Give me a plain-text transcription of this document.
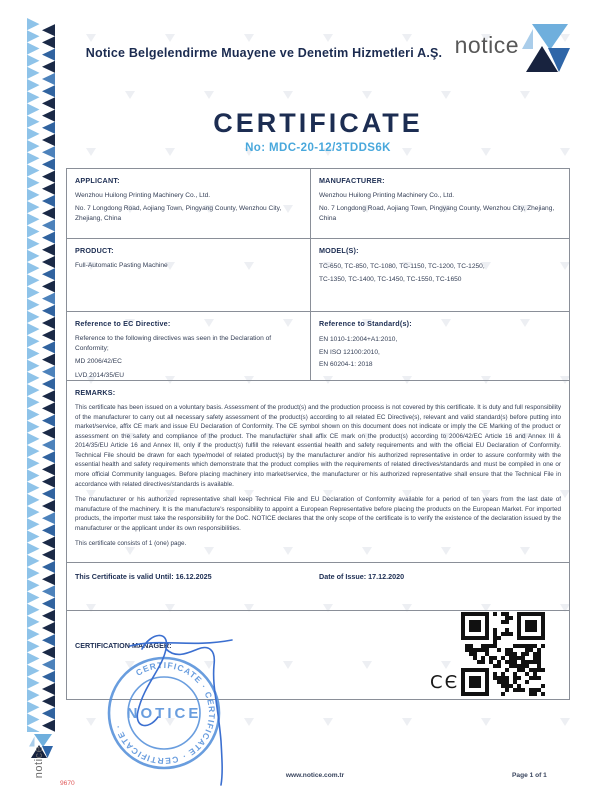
notice
Notice Belgelendirme Muayene ve Denetim Hizmetleri A.Ş. notice
CERTIFICATE
No: MDC-20-12/3TDDS6K
APPLICANT:
Wenzhou Huilong Printing Machinery Co., Ltd.
No. 7 Longdong Road, Aojiang Town, Pingyang County, Wenzhou City, Zhejiang, China
MANUFACTURER:
Wenzhou Huilong Printing Machinery Co., Ltd.
No. 7 Longdong Road, Aojiang Town, Pingyang County, Wenzhou City, Zhejiang, China
PRODUCT:
Full-Automatic Pasting Machine
MODEL(S):
TC-650, TC-850, TC-1080, TC-1150, TC-1200, TC-1250,
TC-1350, TC-1400, TC-1450, TC-1550, TC-1650
Reference to EC Directive:
Reference to the following directives was seen in the Declaration of Conformity;
MD 2006/42/EC
LVD 2014/35/EU
Reference to Standard(s):
EN 1010-1:2004+A1:2010,
EN ISO 12100:2010,
EN 60204-1: 2018
REMARKS:

This certificate has been issued on a voluntary basis. Assessment of the product(s) and the production process is not covered by this certificate. It is duty and full responsibility of the manufacturer to carry out all necessary safety assessment of the product(s) according to all related EC Directive(s), relevant and valid standard(s) before putting into market/service, affix CE mark and issue EU Declaration of Conformity. The CE symbol shown on this document does not indicate or imply the CE Marking of the product or assessment on the safety and compliance of the product. The manufacturer shall affix CE mark on the product(s) according to 2006/42/EC Article 16 and Annex III & 2014/35/EU Article 16 and Annex III, only if the product(s) fulfill the relevant essential health and safety requirements and with the official EU Declaration of Conformity. Technical File should be drawn for each type/model of related product(s) by the manufacturer and/or his authorized representative in order to assure conformity with the essential health and safety requirements which demonstrate that the product complies with the requirements of related directives/standards and must be compiled in one or more official Community languages. Before placing machinery into market/service, the manufacturer or his authorized representative shall ensure that the Technical File in accordance with related directives/standards is available.

The manufacturer or his authorized representative shall keep Technical File and EU Declaration of Conformity available for a period of ten years from the last date of manufacture of the machinery. It is the manufacture's responsibility to appoint a European Representative before placing the products on the European Market. For imported products, the importer must take the responsibility for the DoC. NOTICE declares that the only scope of the certificate is to verify the existence of the declaration issued by the manufacturer or the applicant under its own responsibilities.

This certificate consists of 1 (one) page.

This Certificate is valid Until: 16.12.2025	Date of Issue: 17.12.2020
CERTIFICATION MANAGER:
CERTIFICATE · CERTIFICATE · CERTIFICATE ·
NOTICE
CЄ
www.notice.com.tr	Page 1 of 1
9670
